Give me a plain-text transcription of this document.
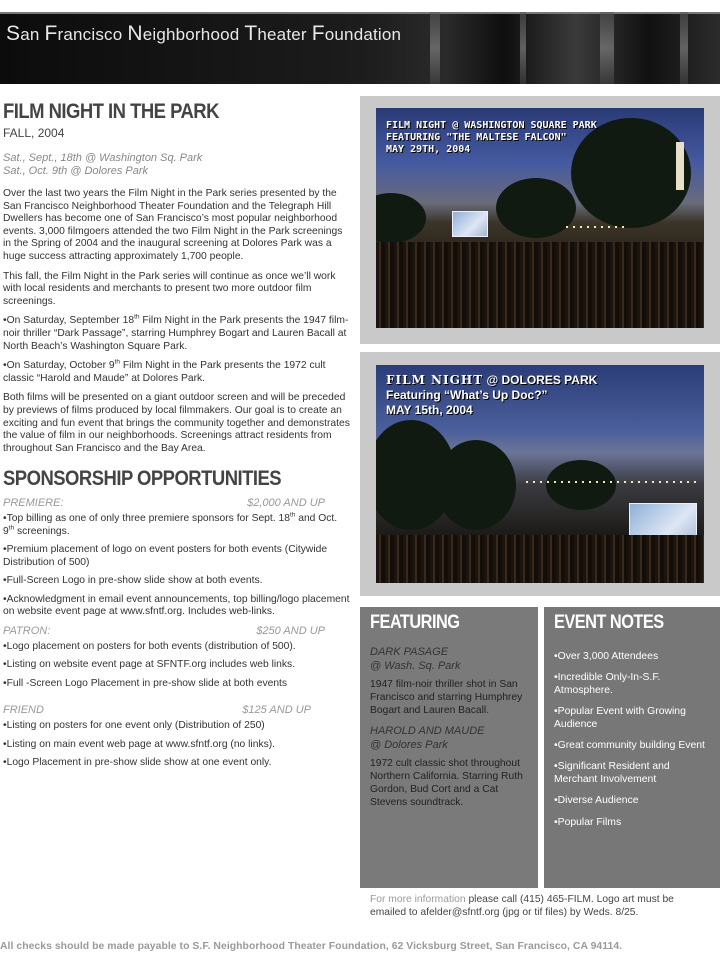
San Francisco Neighborhood Theater Foundation
FILM NIGHT IN THE PARK
FALL, 2004
Sat., Sept., 18th @ Washington Sq. Park
Sat., Oct. 9th @ Dolores Park

Over the last two years the Film Night in the Park series presented by the San Francisco Neighborhood Theater Foundation and the Telegraph Hill Dwellers has become one of San Francisco’s most popular neighborhood events. 3,000 filmgoers attended the two Film Night in the Park screenings in the Spring of 2004 and the inaugural screening at Dolores Park was a huge success attracting approximately 1,700 people.

This fall, the Film Night in the Park series will continue as once we’ll work with local residents and merchants to present two more outdoor film screenings.

•On Saturday, September 18th Film Night in the Park presents the 1947 film-noir thriller “Dark Passage”, starring Humphrey Bogart and Lauren Bacall at North Beach’s Washington Square Park.

•On Saturday, October 9th Film Night in the Park presents the 1972 cult classic “Harold and Maude” at Dolores Park.

Both films will be presented on a giant outdoor screen and will be preceded by previews of films produced by local filmmakers. Our goal is to create an exciting and fun event that brings the community together and demonstrates the value of film in our neighborhoods. Screenings attract residents from throughout San Francisco and the Bay Area.

SPONSORSHIP OPPORTUNITIES
PREMIERE:	$2,000 AND UP
•Top billing as one of only three premiere sponsors for Sept. 18th and Oct. 9th screenings.
•Premium placement of logo on event posters for both events (Citywide Distribution of 500)
•Full-Screen Logo in pre-show slide show at both events.
•Acknowledgment in email event announcements, top billing/logo placement on website event page at www.sfntf.org. Includes web-links.
PATRON:	$250 AND UP
•Logo placement on posters for both events (distribution of 500).
•Listing on website event page at SFNTF.org includes web links.
•Full -Screen Logo Placement in pre-show slide at both events
FRIEND	$125 AND UP
•Listing on posters for one event only (Distribution of 250)
•Listing on main event web page at www.sfntf.org (no links).
•Logo Placement in pre-show slide show at one event only.
FILM NIGHT @ WASHINGTON SQUARE PARK
FEATURING "THE MALTESE FALCON"
MAY 29TH, 2004
FILM NIGHT @ DOLORES PARK
Featuring “What’s Up Doc?”
MAY 15th, 2004
FEATURING
DARK PASAGE
@ Wash. Sq. Park
1947 film-noir thriller shot in San Francisco and starring Humphrey Bogart and Lauren Bacall.
HAROLD AND MAUDE
@ Dolores Park
1972 cult classic shot throughout Northern California. Starring Ruth Gordon, Bud Cort and a Cat Stevens soundtrack.
EVENT NOTES
•Over 3,000 Attendees
•Incredible Only-In-S.F. Atmosphere.
•Popular Event with Growing Audience
•Great community building Event
•Significant Resident and Merchant Involvement
•Diverse Audience
•Popular Films
For more information please call (415) 465-FILM. Logo art must be emailed to afelder@sfntf.org (jpg or tif files) by Weds. 8/25.
All checks should be made payable to S.F. Neighborhood Theater Foundation, 62 Vicksburg Street, San Francisco, CA 94114.
